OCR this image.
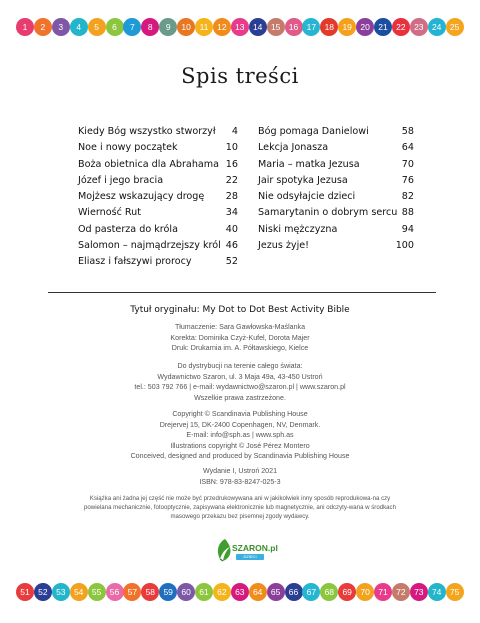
1	2	3	4	5	6	7	8	9	10	11	12 13 14 15 16 17 18 19 20 21 22 23 24 25
Spis treści
Kiedy Bóg wszystko stworzył 4
Noe i nowy początek	10
Boża obietnica dla Abrahama 16
Józef i jego bracia	22
Mojżesz wskazujący drogę 28
Wierność Rut	34
Od pasterza do króla	40
Salomon – najmądrzejszy król 46
Eliasz i fałszywi prorocy	52
Bóg pomaga Danielowi	58
Lekcja Jonasza	64
Maria – matka Jezusa	70
Jair spotyka Jezusa	76
Nie odsyłajcie dzieci	82
Samarytanin o dobrym sercu 88
Niski mężczyzna	94
Jezus żyje!	100
Tytuł oryginału: My Dot to Dot Best Activity Bible
Tłumaczenie: Sara Gawłowska-Maślanka
Korekta: Dominika Czyż-Kufel, Dorota Majer
Druk: Drukarnia im. A. Półtawskiego, Kielce
Do dystrybucji na terenie całego świata:
Wydawnictwo Szaron, ul. 3 Maja 49a, 43-450 Ustroń
tel.: 503 792 766 | e-mail: wydawnictwo@szaron.pl | www.szaron.pl
Wszelkie prawa zastrzeżone.
Copyright © Scandinavia Publishing House
Drejervej 15, DK-2400 Copenhagen, NV, Denmark.
E-mail: info@sph.as | www.sph.as
Illustrations copyright © José Pérez Montero
Conceived, designed and produced by Scandinavia Publishing House
Wydanie I, Ustroń 2021
ISBN: 978-83-8247-025-3
Książka ani żadna jej część nie może być przedrukowywana ani w jakikolwiek inny sposób reprodukowa-na czy powielana mechanicznie, fotooptycznie, zapisywana elektronicznie lub magnetycznie, ani odczyty-wana w środkach masowego przekazu bez pisemnej zgody wydawcy.
SZARON.pl
DZIECI
51 52 53 54 55 56 57 58 59 60 61 62 63 64 65 66 67 68 69 70 71 72 73 74 75
